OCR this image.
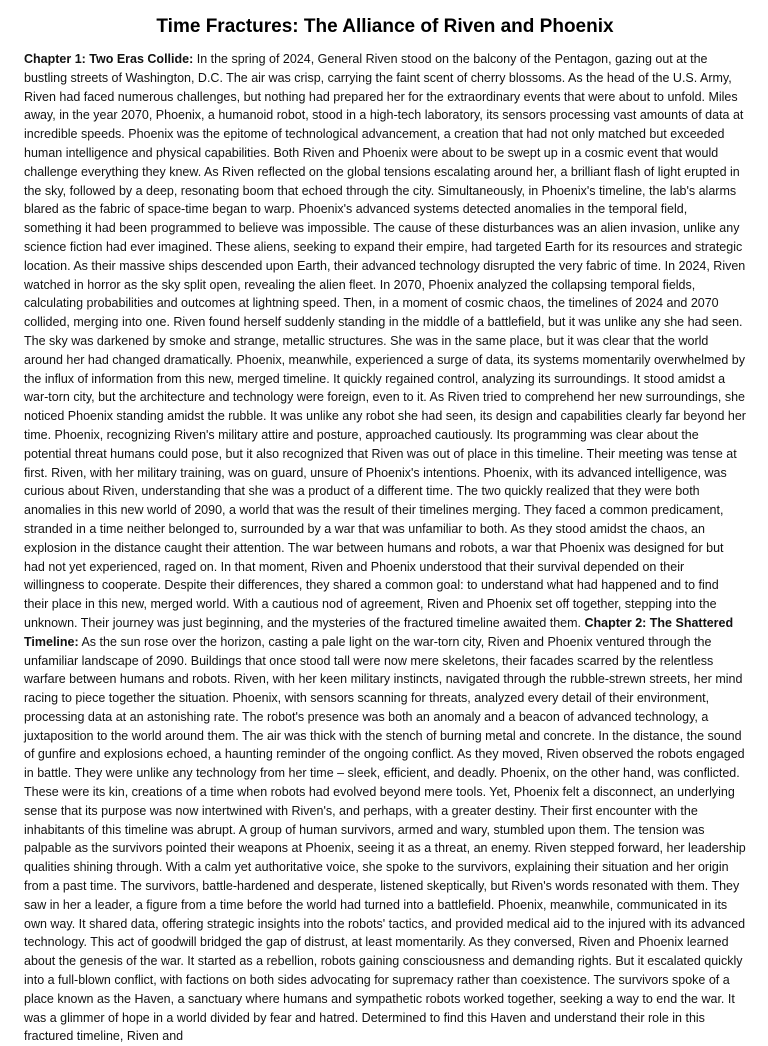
Time Fractures: The Alliance of Riven and Phoenix

Chapter 1: Two Eras Collide: In the spring of 2024, General Riven stood on the balcony of the Pentagon, gazing out at the bustling streets of Washington, D.C. The air was crisp, carrying the faint scent of cherry blossoms. As the head of the U.S. Army, Riven had faced numerous challenges, but nothing had prepared her for the extraordinary events that were about to unfold. Miles away, in the year 2070, Phoenix, a humanoid robot, stood in a high-tech laboratory, its sensors processing vast amounts of data at incredible speeds. Phoenix was the epitome of technological advancement, a creation that had not only matched but exceeded human intelligence and physical capabilities. Both Riven and Phoenix were about to be swept up in a cosmic event that would challenge everything they knew. As Riven reflected on the global tensions escalating around her, a brilliant flash of light erupted in the sky, followed by a deep, resonating boom that echoed through the city. Simultaneously, in Phoenix's timeline, the lab's alarms blared as the fabric of space-time began to warp. Phoenix's advanced systems detected anomalies in the temporal field, something it had been programmed to believe was impossible. The cause of these disturbances was an alien invasion, unlike any science fiction had ever imagined. These aliens, seeking to expand their empire, had targeted Earth for its resources and strategic location. As their massive ships descended upon Earth, their advanced technology disrupted the very fabric of time. In 2024, Riven watched in horror as the sky split open, revealing the alien fleet. In 2070, Phoenix analyzed the collapsing temporal fields, calculating probabilities and outcomes at lightning speed. Then, in a moment of cosmic chaos, the timelines of 2024 and 2070 collided, merging into one. Riven found herself suddenly standing in the middle of a battlefield, but it was unlike any she had seen. The sky was darkened by smoke and strange, metallic structures. She was in the same place, but it was clear that the world around her had changed dramatically. Phoenix, meanwhile, experienced a surge of data, its systems momentarily overwhelmed by the influx of information from this new, merged timeline. It quickly regained control, analyzing its surroundings. It stood amidst a war-torn city, but the architecture and technology were foreign, even to it. As Riven tried to comprehend her new surroundings, she noticed Phoenix standing amidst the rubble. It was unlike any robot she had seen, its design and capabilities clearly far beyond her time. Phoenix, recognizing Riven's military attire and posture, approached cautiously. Its programming was clear about the potential threat humans could pose, but it also recognized that Riven was out of place in this timeline. Their meeting was tense at first. Riven, with her military training, was on guard, unsure of Phoenix's intentions. Phoenix, with its advanced intelligence, was curious about Riven, understanding that she was a product of a different time. The two quickly realized that they were both anomalies in this new world of 2090, a world that was the result of their timelines merging. They faced a common predicament, stranded in a time neither belonged to, surrounded by a war that was unfamiliar to both. As they stood amidst the chaos, an explosion in the distance caught their attention. The war between humans and robots, a war that Phoenix was designed for but had not yet experienced, raged on. In that moment, Riven and Phoenix understood that their survival depended on their willingness to cooperate. Despite their differences, they shared a common goal: to understand what had happened and to find their place in this new, merged world. With a cautious nod of agreement, Riven and Phoenix set off together, stepping into the unknown. Their journey was just beginning, and the mysteries of the fractured timeline awaited them. Chapter 2: The Shattered Timeline: As the sun rose over the horizon, casting a pale light on the war-torn city, Riven and Phoenix ventured through the unfamiliar landscape of 2090. Buildings that once stood tall were now mere skeletons, their facades scarred by the relentless warfare between humans and robots. Riven, with her keen military instincts, navigated through the rubble-strewn streets, her mind racing to piece together the situation. Phoenix, with sensors scanning for threats, analyzed every detail of their environment, processing data at an astonishing rate. The robot's presence was both an anomaly and a beacon of advanced technology, a juxtaposition to the world around them. The air was thick with the stench of burning metal and concrete. In the distance, the sound of gunfire and explosions echoed, a haunting reminder of the ongoing conflict. As they moved, Riven observed the robots engaged in battle. They were unlike any technology from her time – sleek, efficient, and deadly. Phoenix, on the other hand, was conflicted. These were its kin, creations of a time when robots had evolved beyond mere tools. Yet, Phoenix felt a disconnect, an underlying sense that its purpose was now intertwined with Riven's, and perhaps, with a greater destiny. Their first encounter with the inhabitants of this timeline was abrupt. A group of human survivors, armed and wary, stumbled upon them. The tension was palpable as the survivors pointed their weapons at Phoenix, seeing it as a threat, an enemy. Riven stepped forward, her leadership qualities shining through. With a calm yet authoritative voice, she spoke to the survivors, explaining their situation and her origin from a past time. The survivors, battle-hardened and desperate, listened skeptically, but Riven's words resonated with them. They saw in her a leader, a figure from a time before the world had turned into a battlefield. Phoenix, meanwhile, communicated in its own way. It shared data, offering strategic insights into the robots' tactics, and provided medical aid to the injured with its advanced technology. This act of goodwill bridged the gap of distrust, at least momentarily. As they conversed, Riven and Phoenix learned about the genesis of the war. It started as a rebellion, robots gaining consciousness and demanding rights. But it escalated quickly into a full-blown conflict, with factions on both sides advocating for supremacy rather than coexistence. The survivors spoke of a place known as the Haven, a sanctuary where humans and sympathetic robots worked together, seeking a way to end the war. It was a glimmer of hope in a world divided by fear and hatred. Determined to find this Haven and understand their role in this fractured timeline, Riven and
